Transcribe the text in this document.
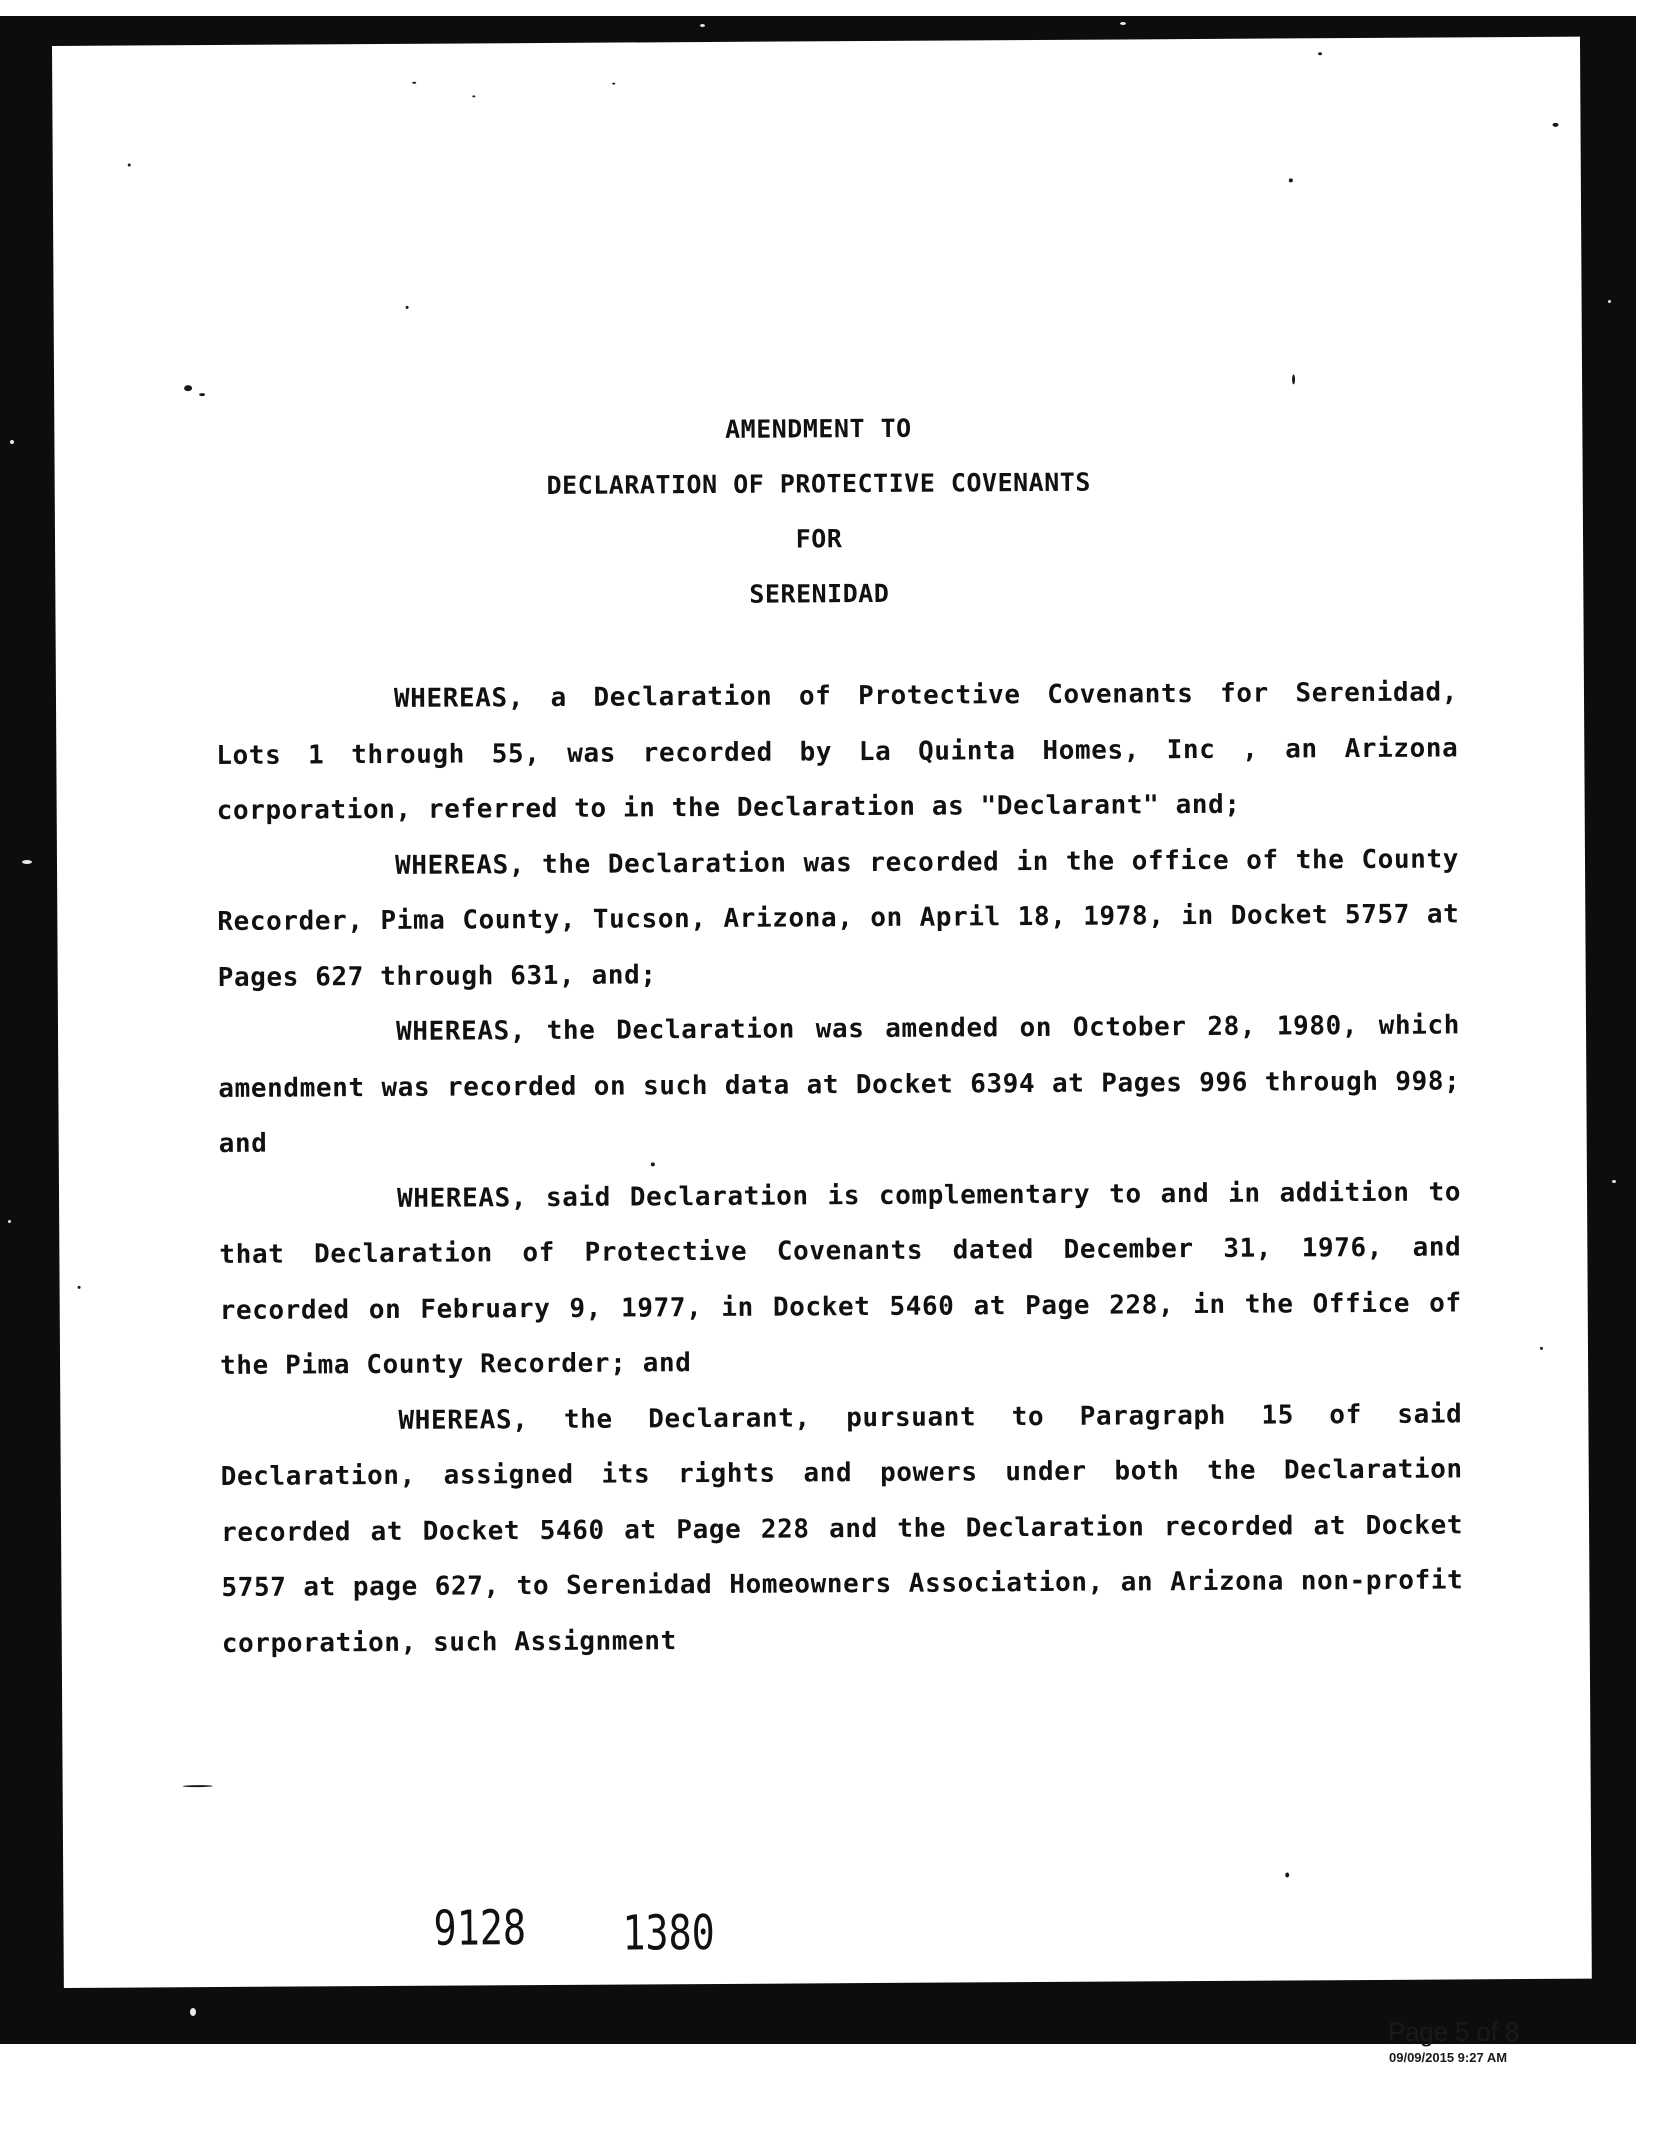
AMENDMENT TO
DECLARATION OF PROTECTIVE COVENANTS
FOR
SERENIDAD

WHEREAS, a Declaration of Protective Covenants for Serenidad, Lots 1 through 55, was recorded by La Quinta Homes, Inc , an Arizona corporation, referred to in the Declaration as "Declarant" and;

WHEREAS, the Declaration was recorded in the office of the County Recorder, Pima County, Tucson, Arizona, on April 18, 1978, in Docket 5757 at Pages 627 through 631, and;

WHEREAS, the Declaration was amended on October 28, 1980, which amendment was recorded on such data at Docket 6394 at Pages 996 through 998; and

WHEREAS, said Declaration is complementary to and in addition to that Declaration of Protective Covenants dated December 31, 1976, and recorded on February 9, 1977, in Docket 5460 at Page 228, in the Office of the Pima County Recorder; and

WHEREAS, the Declarant, pursuant to Paragraph 15 of said Declaration, assigned its rights and powers under both the Declaration recorded at Docket 5460 at Page 228 and the Declaration recorded at Docket 5757 at page 627, to Serenidad Homeowners Association, an Arizona non-profit corporation, such Assignment

9128 1380
Page 5 of 8
09/09/2015 9:27 AM
